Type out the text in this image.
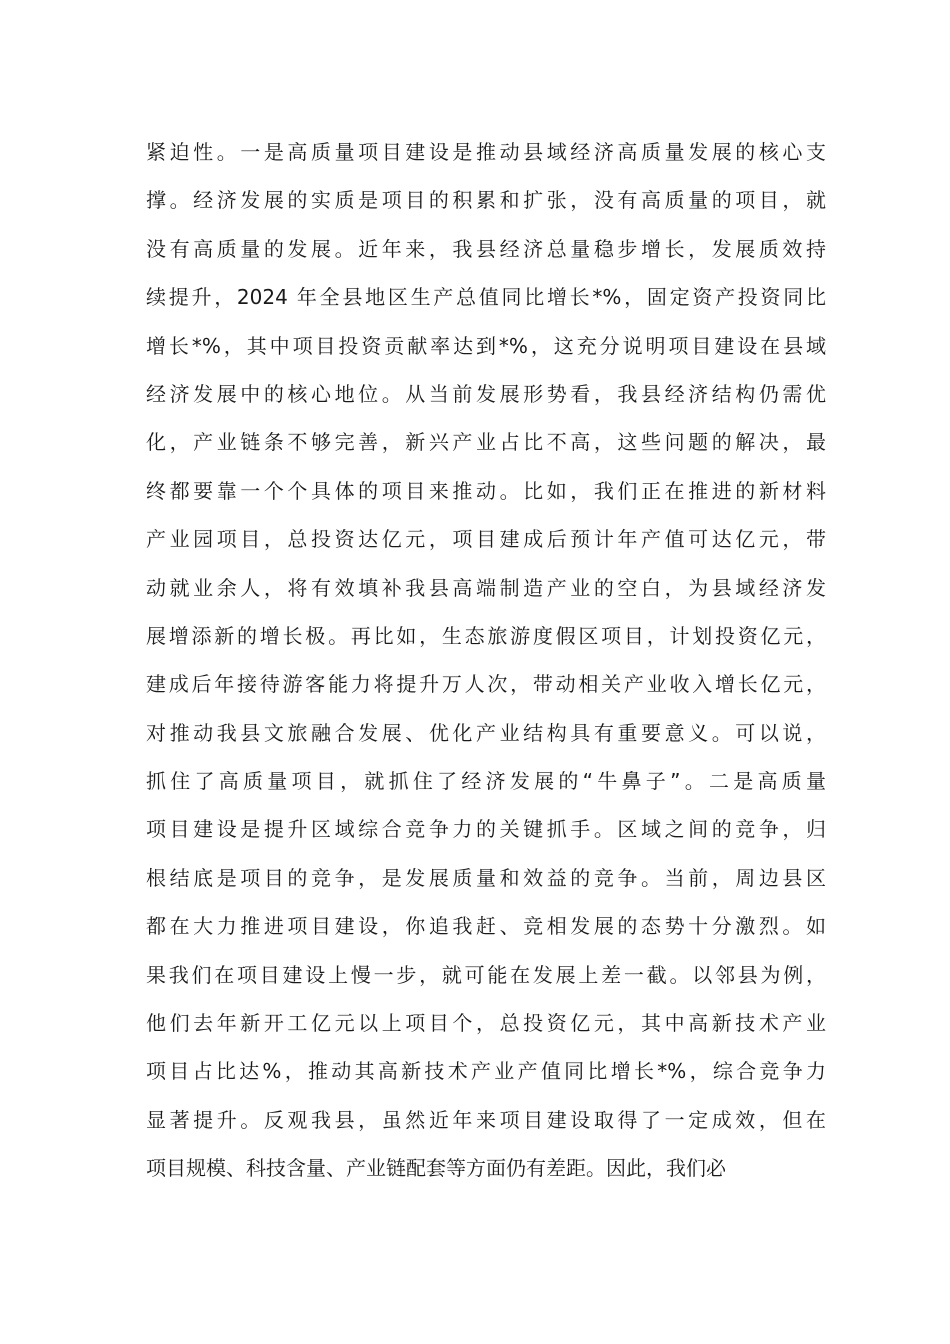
紧迫性。一是高质量项目建设是推动县域经济高质量发展的核心支
撑。经济发展的实质是项目的积累和扩张，没有高质量的项目，就
没有高质量的发展。近年来，我县经济总量稳步增长，发展质效持
续提升，2024 年全县地区生产总值同比增长*%，固定资产投资同比
增长*%，其中项目投资贡献率达到*%，这充分说明项目建设在县域
经济发展中的核心地位。从当前发展形势看，我县经济结构仍需优
化，产业链条不够完善，新兴产业占比不高，这些问题的解决，最
终都要靠一个个具体的项目来推动。比如，我们正在推进的新材料
产业园项目，总投资达亿元，项目建成后预计年产值可达亿元，带
动就业余人，将有效填补我县高端制造产业的空白，为县域经济发
展增添新的增长极。再比如，生态旅游度假区项目，计划投资亿元，
建成后年接待游客能力将提升万人次，带动相关产业收入增长亿元，
对推动我县文旅融合发展、优化产业结构具有重要意义。可以说，
抓住了高质量项目，就抓住了经济发展的“牛鼻子”。二是高质量
项目建设是提升区域综合竞争力的关键抓手。区域之间的竞争，归
根结底是项目的竞争，是发展质量和效益的竞争。当前，周边县区
都在大力推进项目建设，你追我赶、竞相发展的态势十分激烈。如
果我们在项目建设上慢一步，就可能在发展上差一截。以邻县为例，
他们去年新开工亿元以上项目个，总投资亿元，其中高新技术产业
项目占比达%，推动其高新技术产业产值同比增长*%，综合竞争力
显著提升。反观我县，虽然近年来项目建设取得了一定成效，但在
项目规模、科技含量、产业链配套等方面仍有差距。因此，我们必
